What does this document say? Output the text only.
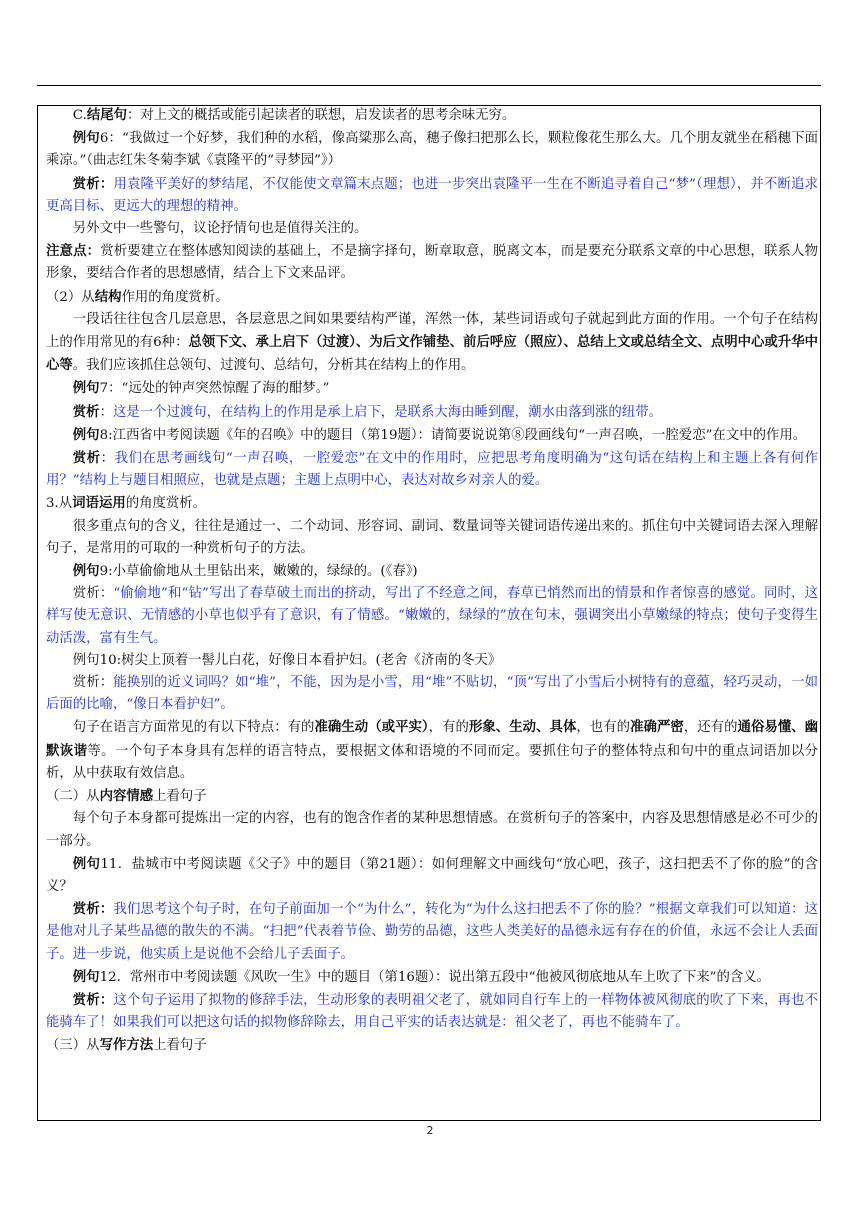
C.结尾句：对上文的概括或能引起读者的联想，启发读者的思考余味无穷。

例句6：“我做过一个好梦，我们种的水稻，像高粱那么高，穗子像扫把那么长，颗粒像花生那么大。几个朋友就坐在稻穗下面乘凉。”（曲志红朱冬菊李斌《袁隆平的“寻梦园”》）

赏析：用袁隆平美好的梦结尾，不仅能使文章篇末点题；也进一步突出袁隆平一生在不断追寻着自己“梦”（理想），并不断追求更高目标、更远大的理想的精神。

另外文中一些警句，议论抒情句也是值得关注的。

注意点：赏析要建立在整体感知阅读的基础上，不是摘字择句，断章取意，脱离文本，而是要充分联系文章的中心思想，联系人物形象，要结合作者的思想感情，结合上下文来品评。

（2）从结构作用的角度赏析。

一段话往往包含几层意思，各层意思之间如果要结构严谨，浑然一体，某些词语或句子就起到此方面的作用。一个句子在结构上的作用常见的有6种：总领下文、承上启下（过渡）、为后文作铺垫、前后呼应（照应）、总结上文或总结全文、点明中心或升华中心等。我们应该抓住总领句、过渡句、总结句，分析其在结构上的作用。

例句7：“远处的钟声突然惊醒了海的酣梦。”

赏析：这是一个过渡句，在结构上的作用是承上启下，是联系大海由睡到醒，潮水由落到涨的纽带。

例句8:江西省中考阅读题《年的召唤》中的题目（第19题）：请简要说说第⑧段画线句“一声召唤，一腔爱恋”在文中的作用。

赏析：我们在思考画线句“一声召唤，一腔爱恋”在文中的作用时，应把思考角度明确为“这句话在结构上和主题上各有何作用？”结构上与题目相照应，也就是点题；主题上点明中心，表达对故乡对亲人的爱。

3.从词语运用的角度赏析。

很多重点句的含义，往往是通过一、二个动词、形容词、副词、数量词等关键词语传递出来的。抓住句中关键词语去深入理解句子，是常用的可取的一种赏析句子的方法。

例句9:小草偷偷地从土里钻出来，嫩嫩的，绿绿的。(《春》)

赏析：“偷偷地”和“钻”写出了春草破土而出的挤动，写出了不经意之间，春草已悄然而出的情景和作者惊喜的感觉。同时，这样写使无意识、无情感的小草也似乎有了意识，有了情感。“嫩嫩的，绿绿的”放在句末，强调突出小草嫩绿的特点；使句子变得生动活泼，富有生气。

例句10:树尖上顶着一髻儿白花，好像日本看护妇。(老舍《济南的冬天》

赏析：能换别的近义词吗？如“堆”，不能，因为是小雪，用“堆”不贴切，“顶”写出了小雪后小树特有的意蕴，轻巧灵动，一如后面的比喻，“像日本看护妇”。

句子在语言方面常见的有以下特点：有的准确生动（或平实），有的形象、生动、具体，也有的准确严密，还有的通俗易懂、幽默诙谐等。一个句子本身具有怎样的语言特点，要根据文体和语境的不同而定。要抓住句子的整体特点和句中的重点词语加以分析，从中获取有效信息。

（二）从内容情感上看句子

每个句子本身都可提炼出一定的内容，也有的饱含作者的某种思想情感。在赏析句子的答案中，内容及思想情感是必不可少的一部分。

例句11．盐城市中考阅读题《父子》中的题目（第21题）：如何理解文中画线句“放心吧，孩子，这扫把丢不了你的脸”的含义？

赏析：我们思考这个句子时，在句子前面加一个“为什么”，转化为“为什么这扫把丢不了你的脸？”根据文章我们可以知道：这是他对儿子某些品德的散失的不满。“扫把”代表着节俭、勤劳的品德，这些人类美好的品德永远有存在的价值，永远不会让人丢面子。进一步说，他实质上是说他不会给儿子丢面子。

例句12．常州市中考阅读题《风吹一生》中的题目（第16题）：说出第五段中“他被风彻底地从车上吹了下来”的含义。

赏析：这个句子运用了拟物的修辞手法，生动形象的表明祖父老了，就如同自行车上的一样物体被风彻底的吹了下来，再也不能骑车了！如果我们可以把这句话的拟物修辞除去，用自己平实的话表达就是：祖父老了，再也不能骑车了。

（三）从写作方法上看句子

2
